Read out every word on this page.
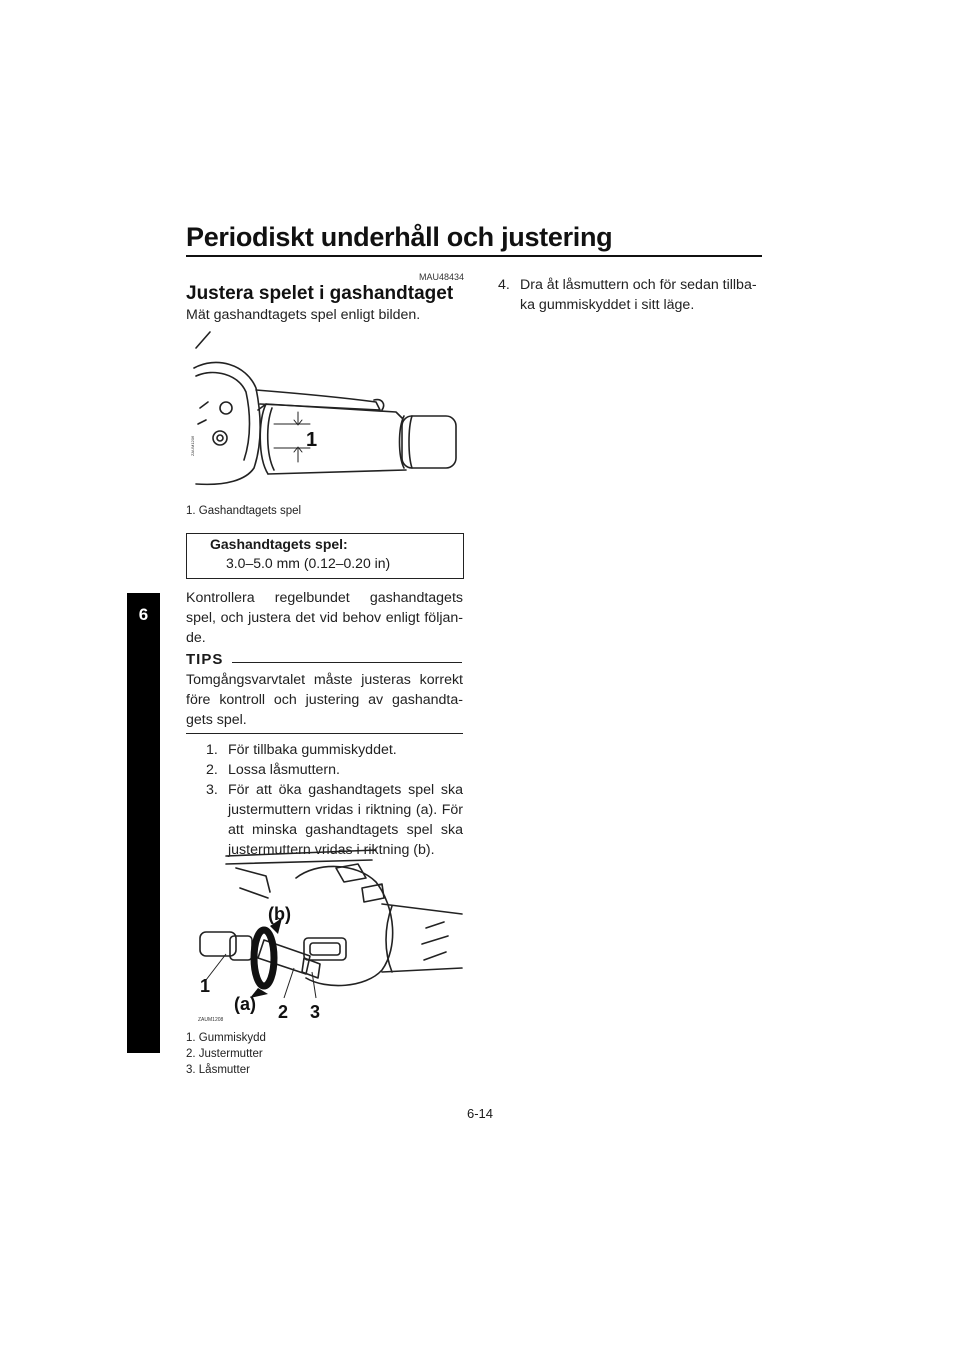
Periodiskt underhåll och justering
6
MAU48434
Justera spelet i gashandtaget
Mät gashandtagets spel enligt bilden.
1
ZAUM1206
1. Gashandtagets spel
Gashandtagets spel:
3.0–5.0 mm (0.12–0.20 in)
Kontrollera regelbundet gashandtagets spel, och justera det vid behov enligt följan-de.
TIPS
Tomgångsvarvtalet måste justeras korrekt före kontroll och justering av gashandta-gets spel.
1. För tillbaka gummiskyddet.
2. Lossa låsmuttern.
3. För att öka gashandtagets spel ska justermuttern vridas i riktning (a). För att minska gashandtagets spel ska justermuttern vridas i riktning (b).
4. Dra åt låsmuttern och för sedan tillba-ka gummiskyddet i sitt läge.
(b)
(a)
1
2 3
ZAUM1208
1. Gummiskydd
2. Justermutter
3. Låsmutter
6-14
